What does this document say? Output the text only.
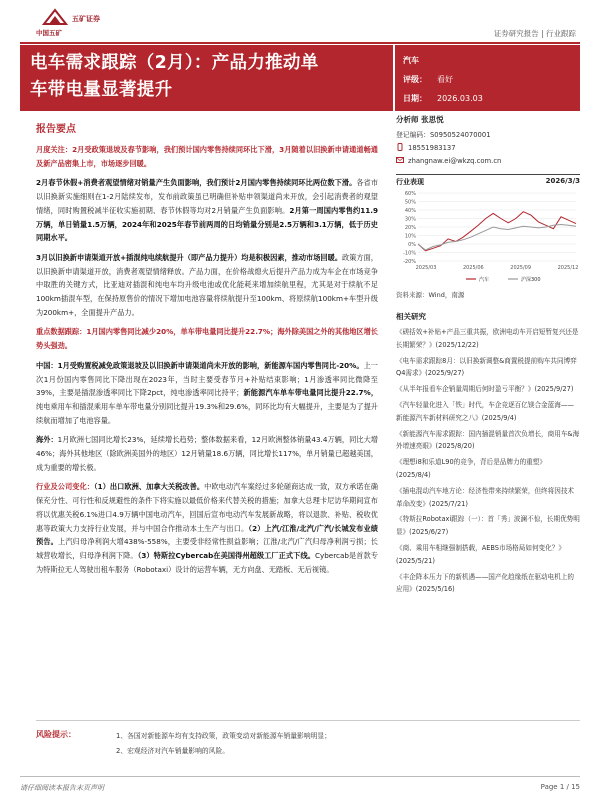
中国五矿
五矿证券
证券研究报告 | 行业跟踪
电车需求跟踪（2月）：产品力推动单
车带电量显著提升
汽车
评级： 看好
日期： 2026.03.03
报告要点

月度关注：2月受政策退坡及春节影响，我们预计国内零售持续同环比下滑，3月随着以旧换新申请通道畅通及新产品密集上市，市场逐步回暖。

2月春节休假+消费者观望情绪对销量产生负面影响，我们预计2月国内零售持续同环比两位数下滑。各省市以旧换新实施细则在1-2月陆续发布，发布前政策虽已明确但补贴申领渠道尚未开放，会引起消费者的观望情绪，同时购置税减半征收实施初期、春节休假等均对2月销量产生负面影响。2月第一周国内零售约11.9万辆，单日销量1.5万辆，2024年和2025年春节前两周的日均销量分别是2.5万辆和3.1万辆，低于历史同期水平。

3月以旧换新申请渠道开放+插混纯电续航提升（即产品力提升）均是积极因素，推动市场回暖。政策方面，以旧换新申请渠道开放，消费者观望情绪释放。产品力面，在价格战熄火后提升产品力成为车企在市场竞争中取胜的关键方式，比亚迪对插混和纯电车均升级电池或优化能耗来增加续航里程，尤其是对于续航不足100km插混车型，在保持原售价的情况下增加电池容量将续航提升至100km、将原续航100km+车型升级为200km+，全面提升产品力。

重点数据跟踪：1月国内零售同比减少20%，单车带电量同比提升22.7%；海外除美国之外的其他地区增长势头强劲。

中国：1月受购置税减免政策退坡及以旧换新申请渠道尚未开放的影响，新能源车国内零售同比-20%。上一次1月份国内零售同比下降出现在2023年，当时主要受春节月+补贴结束影响；1月渗透率同比微降至39%，主要是插混渗透率同比下降2pct，纯电渗透率同比持平；新能源汽车单车带电量同比提升22.7%，纯电乘用车和插混乘用车单车带电量分别同比提升19.3%和29.6%，同环比均有大幅提升，主要是为了提升续航而增加了电池容量。

海外：1月欧洲七国同比增长23%，延续增长趋势；整体数据来看，12月欧洲整体销量43.4万辆，同比大增46%；海外其他地区（除欧洲美国外的地区）12月销量18.6万辆，同比增长117%，单月销量已超越美国，成为重要的增长极。

行业及公司变化：（1）出口欧洲、加拿大关税改善。中欧电动汽车案经过多轮磋商达成一致，双方承诺在确保充分性、可行性和反规避性的条件下将实施以最低价格来代替关税的措施；加拿大总理卡尼访华期间宣布将以优惠关税6.1%进口4.9万辆中国电动汽车，回国后宣布电动汽车发展新战略，将以退款、补贴、税收优惠等政策大力支持行业发展，并与中国合作推动本土生产与出口。（2）上汽/江淮/北汽/广汽/长城发布业绩预告。上汽归母净利润大增438%-558%，主要受非经常性损益影响；江淮/北汽/广汽归母净利润亏损；长城营收增长，归母净利润下降。（3）特斯拉Cybercab在美国得州超级工厂正式下线。Cybercab是首款专为特斯拉无人驾驶出租车服务（Robotaxi）设计的运营车辆，无方向盘、无踏板、无后视镜。

分析师 张思悦
登记编码：S0950524070001
18551983137
zhangnaw.ei@wkzq.com.cn
行业表现	2026/3/3
60%
50%
40%
30%
20%
10%
0%
-10%
-20%
2025/03	2025/06	2025/09	2025/12
汽车	沪深300
资料来源：Wind，南源
相关研究
《磋括效+补贴+产品三重共振，欧洲电动车开启短暂复兴还是长期繁荣？》(2025/12/22)
《电车需求跟踪8月：以旧换新调整&商置税提前购车共同博弈Q4需求》(2025/9/27)
《从半年报看车企销量周期后何时盈亏平衡？》(2025/9/27)
《汽车轻量化进入「铁」时代，车企竞逐百亿镁合金蓝海——新能源汽车新材料研究之八》(2025/9/4)
《新能源汽车需求跟踪：国内插混销量首次负增长，商用车&海外增速亮眼》(2025/8/20)
《理想i8和乐道L90的竞争，背后是品牌力的重塑》(2025/8/4)
《插电混动汽车地方论：经济性带来持续繁荣，但终将因技术革命改变》(2025/7/21)
《特斯拉Robotaxi跟踪（一）：首「秀」波澜不惊，长期优势明显》(2025/6/27)
《商、乘用车相继强制搭载，AEBS市场格局如何变化？》(2025/5/21)
《丰企降本压力下的新机遇——国产化趋缘纸在驱动电机上的应用》(2025/5/16)
风险提示：	1、各国对新能源车均有支持政策，政策变动对新能源车销量影响明显；
2、宏观经济对汽车销量影响的风险。
请仔细阅读本报告末页声明	Page 1 / 15
